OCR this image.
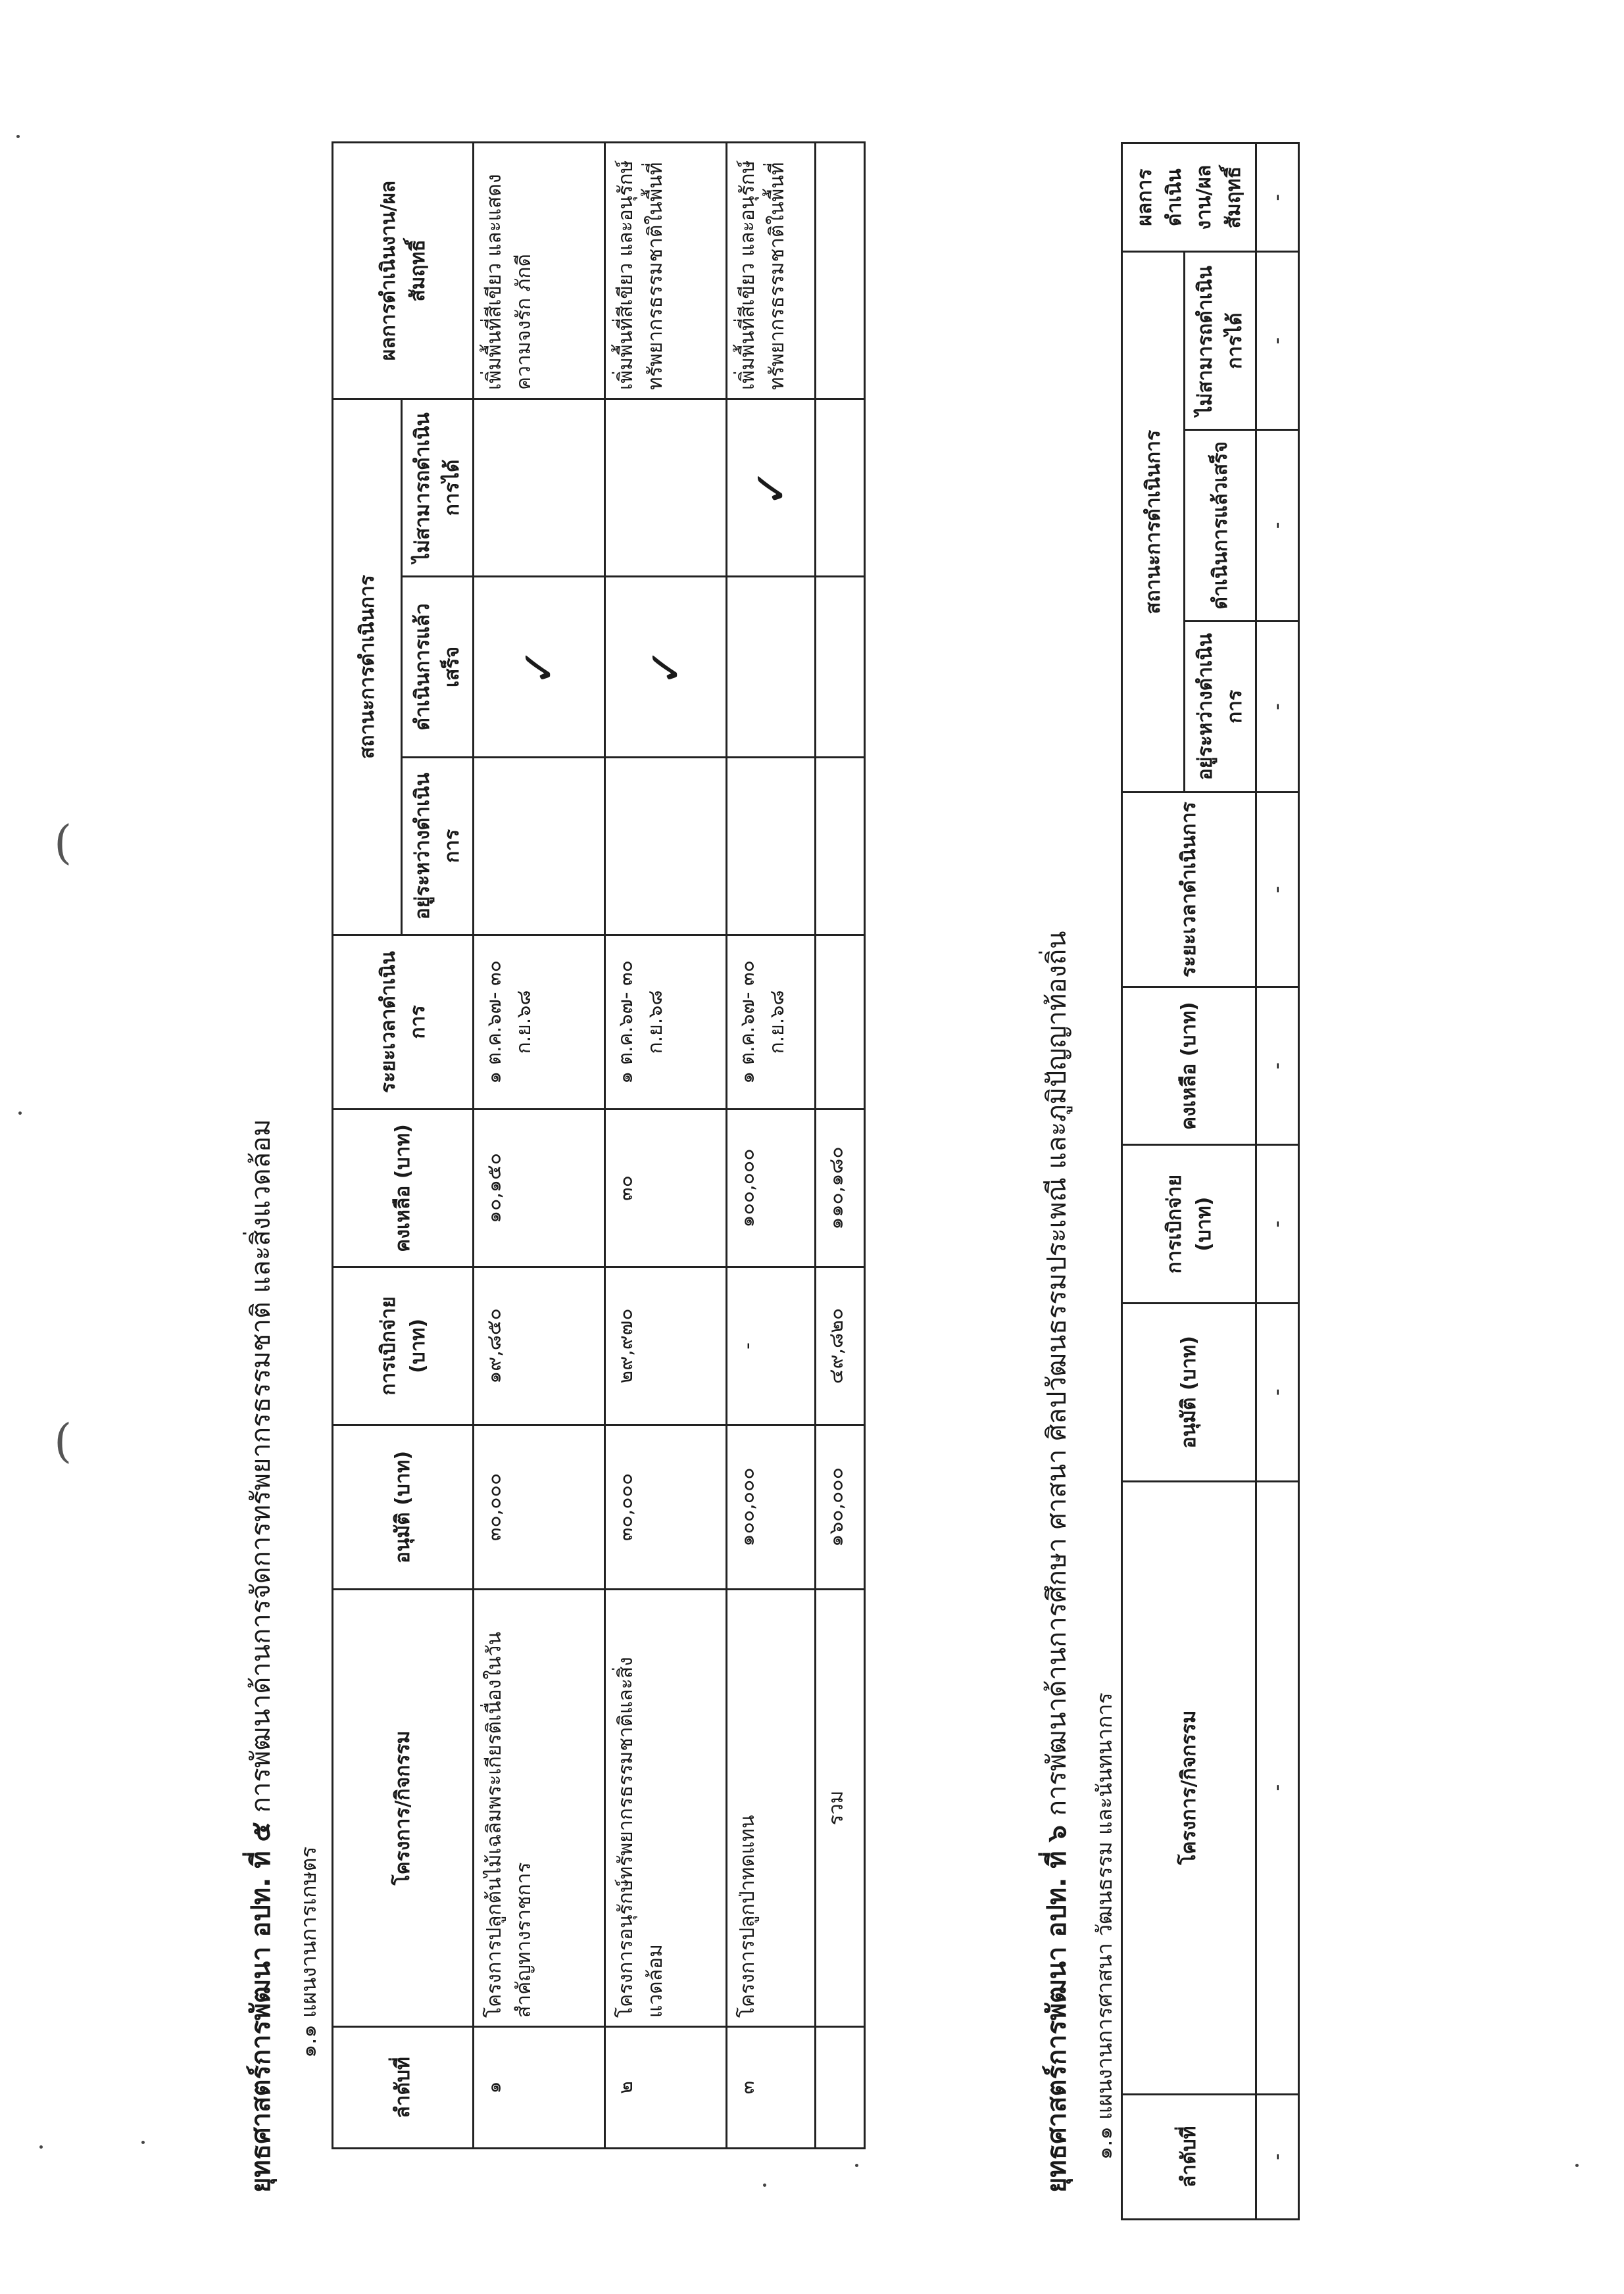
(
(
ยุทธศาสตร์การพัฒนา อปท. ที่ ๕ การพัฒนาด้านการจัดการทรัพยากรธรรมชาติ และสิ่งแวดล้อม
๑.๑ แผนงานการเกษตร
ลำดับที่	โครงการ/กิจกรรม	อนุมัติ (บาท)	การเบิกจ่าย (บาท)	คงเหลือ (บาท)	ระยะเวลาดำเนินการ	สถานะการดำเนินการ			ผลการดำเนินงาน/ผลสัมฤทธิ์
						อยู่ระหว่างดำเนินการ	ดำเนินการแล้วเสร็จ	ไม่สามารถดำเนินการได้	
๑	โครงการปลูกต้นไม้เฉลิมพระเกียรติเนื่องในวันสำคัญทางราชการ	๓๐,๐๐๐	๑๙,๘๕๐	๑๐,๑๕๐	๑ ต.ค.๖๗- ๓๐ ก.ย.๖๘		✓		เพิ่มพื้นที่สีเขียว และแสดงความจงรัก ภักดี
๒	โครงการอนุรักษ์ทรัพยากรธรรมชาติและสิ่งแวดล้อม	๓๐,๐๐๐	๒๙,๙๗๐	๓๐	๑ ต.ค.๖๗- ๓๐ ก.ย.๖๘		✓		เพิ่มพื้นที่สีเขียว และอนุรักษ์ทรัพยากรธรรมชาติในพื้นที่
๓	โครงการปลูกป่าทดแทน	๑๐๐,๐๐๐	-	๑๐๐,๐๐๐	๑ ต.ค.๖๗- ๓๐ ก.ย.๖๘			✓	เพิ่มพื้นที่สีเขียว และอนุรักษ์ทรัพยากรธรรมชาติในพื้นที่
	รวม	๑๖๐,๐๐๐	๔๙,๘๒๐	๑๑๐,๑๘๐					
ยุทธศาสตร์การพัฒนา อปท. ที่ ๖ การพัฒนาด้านการศึกษา ศาสนา ศิลปวัฒนธรรมประเพณี และภูมิปัญญาท้องถิ่น
๑.๑ แผนงานการศาสนา วัฒนธรรม และนันทนาการ	ลำดับที่	โครงการ/กิจกรรม	อนุมัติ (บาท)	การเบิกจ่าย (บาท)	คงเหลือ (บาท)	ระยะเวลาดำเนินการ	สถานะการดำเนินการ			ผลการดำเนินงาน/ผลสัมฤทธิ์
						อยู่ระหว่างดำเนินการ	ดำเนินการแล้วเสร็จ	ไม่สามารถดำเนินการได้	
-	-	-	-	-	-	-	-	-	-
